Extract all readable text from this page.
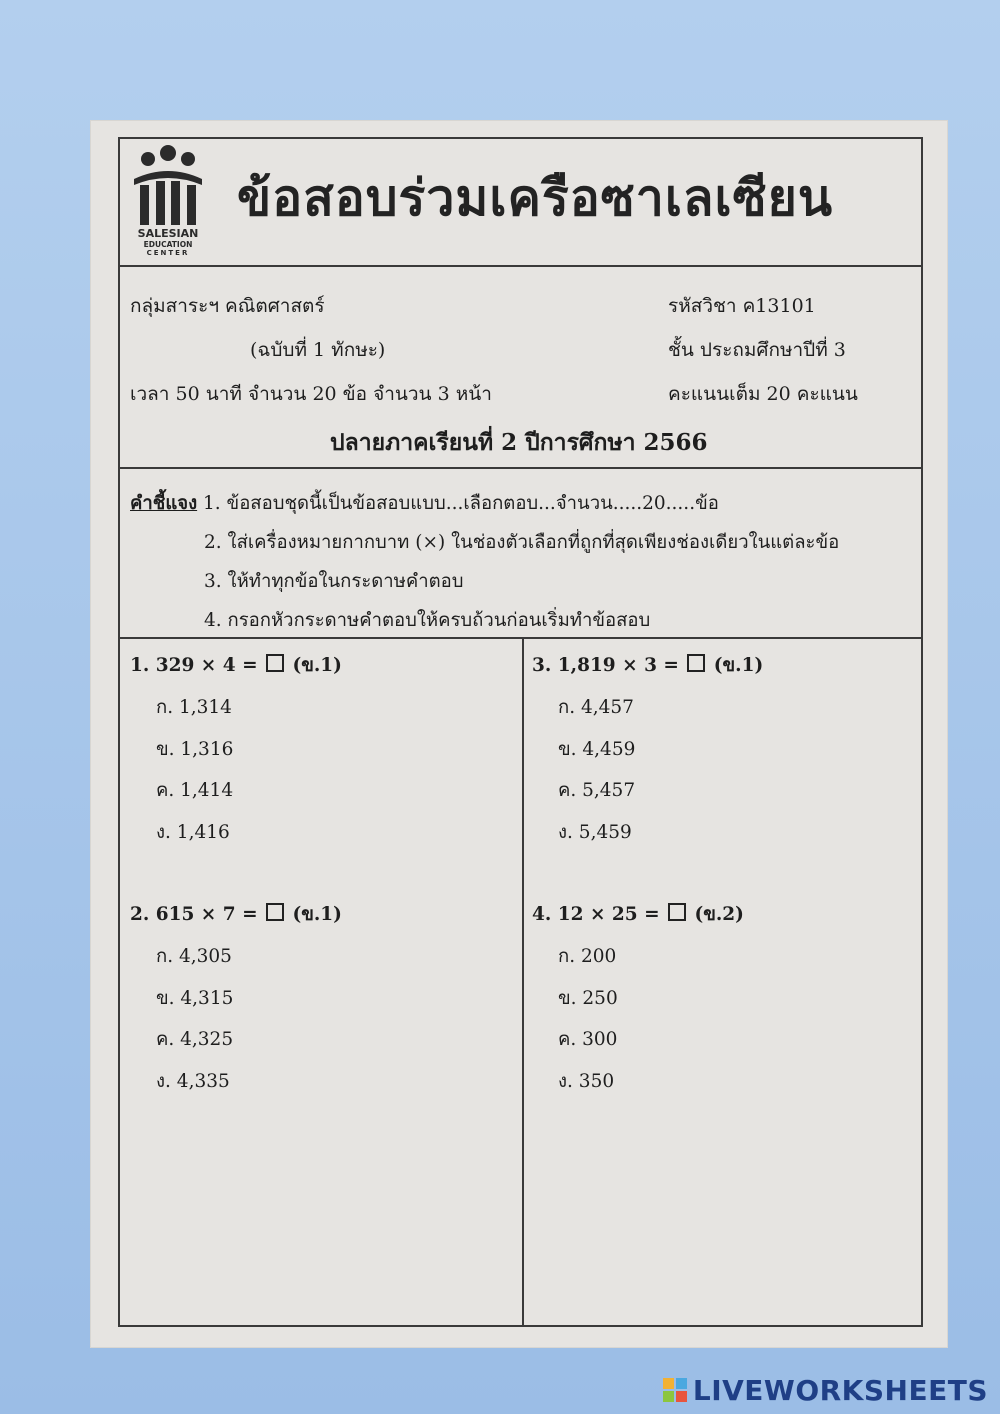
SALESIAN
EDUCATION
CENTER
ข้อสอบร่วมเครือซาเลเซียน
กลุ่มสาระฯ คณิตศาสตร์	รหัสวิชา ค13101
(ฉบับที่ 1 ทักษะ)	ชั้น ประถมศึกษาปีที่ 3
เวลา 50 นาที จำนวน 20 ข้อ จำนวน 3 หน้า	คะแนนเต็ม 20 คะแนน
ปลายภาคเรียนที่ 2 ปีการศึกษา 2566
คำชี้แจง 1. ข้อสอบชุดนี้เป็นข้อสอบแบบ...เลือกตอบ...จำนวน.....20.....ข้อ
2. ใส่เครื่องหมายกากบาท (×) ในช่องตัวเลือกที่ถูกที่สุดเพียงช่องเดียวในแต่ละข้อ
3. ให้ทำทุกข้อในกระดาษคำตอบ
4. กรอกหัวกระดาษคำตอบให้ครบถ้วนก่อนเริ่มทำข้อสอบ
1. 329 × 4 =  (ข.1)
ก. 1,314
ข. 1,316
ค. 1,414
ง. 1,416
2. 615 × 7 =  (ข.1)
ก. 4,305
ข. 4,315
ค. 4,325
ง. 4,335
3. 1,819 × 3 =  (ข.1)
ก. 4,457
ข. 4,459
ค. 5,457
ง. 5,459
4. 12 × 25 =  (ข.2)
ก. 200
ข. 250
ค. 300
ง. 350
LIVEWORKSHEETS
